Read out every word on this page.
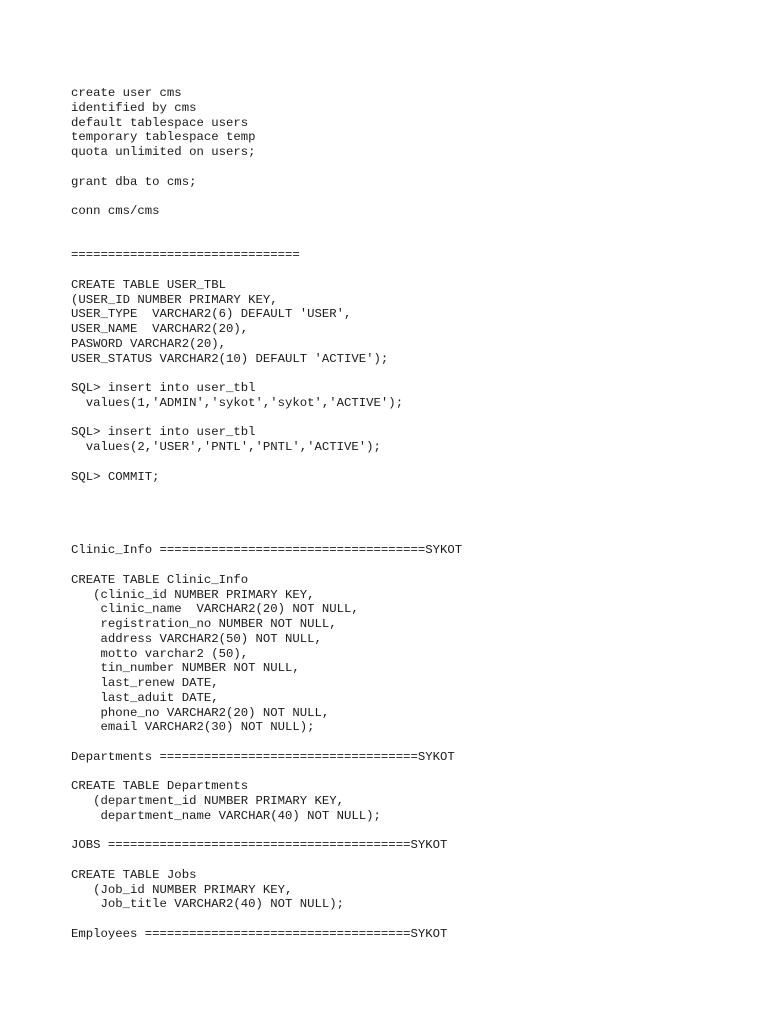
create user cms
identified by cms
default tablespace users
temporary tablespace temp
quota unlimited on users;
grant dba to cms;
conn cms/cms
===============================
CREATE TABLE USER_TBL
(USER_ID NUMBER PRIMARY KEY,
USER_TYPE  VARCHAR2(6) DEFAULT 'USER',
USER_NAME  VARCHAR2(20),
PASWORD VARCHAR2(20),
USER_STATUS VARCHAR2(10) DEFAULT 'ACTIVE');
SQL> insert into user_tbl
values(1,'ADMIN','sykot','sykot','ACTIVE');
SQL> insert into user_tbl
values(2,'USER','PNTL','PNTL','ACTIVE');
SQL> COMMIT;
Clinic_Info ====================================SYKOT
CREATE TABLE Clinic_Info
(clinic_id NUMBER PRIMARY KEY,
clinic_name  VARCHAR2(20) NOT NULL,
registration_no NUMBER NOT NULL,
address VARCHAR2(50) NOT NULL,
motto varchar2 (50),
tin_number NUMBER NOT NULL,
last_renew DATE,
last_aduit DATE,
phone_no VARCHAR2(20) NOT NULL,
email VARCHAR2(30) NOT NULL);
Departments ===================================SYKOT
CREATE TABLE Departments
(department_id NUMBER PRIMARY KEY,
department_name VARCHAR(40) NOT NULL);
JOBS =========================================SYKOT
CREATE TABLE Jobs
(Job_id NUMBER PRIMARY KEY,
Job_title VARCHAR2(40) NOT NULL);
Employees ====================================SYKOT
